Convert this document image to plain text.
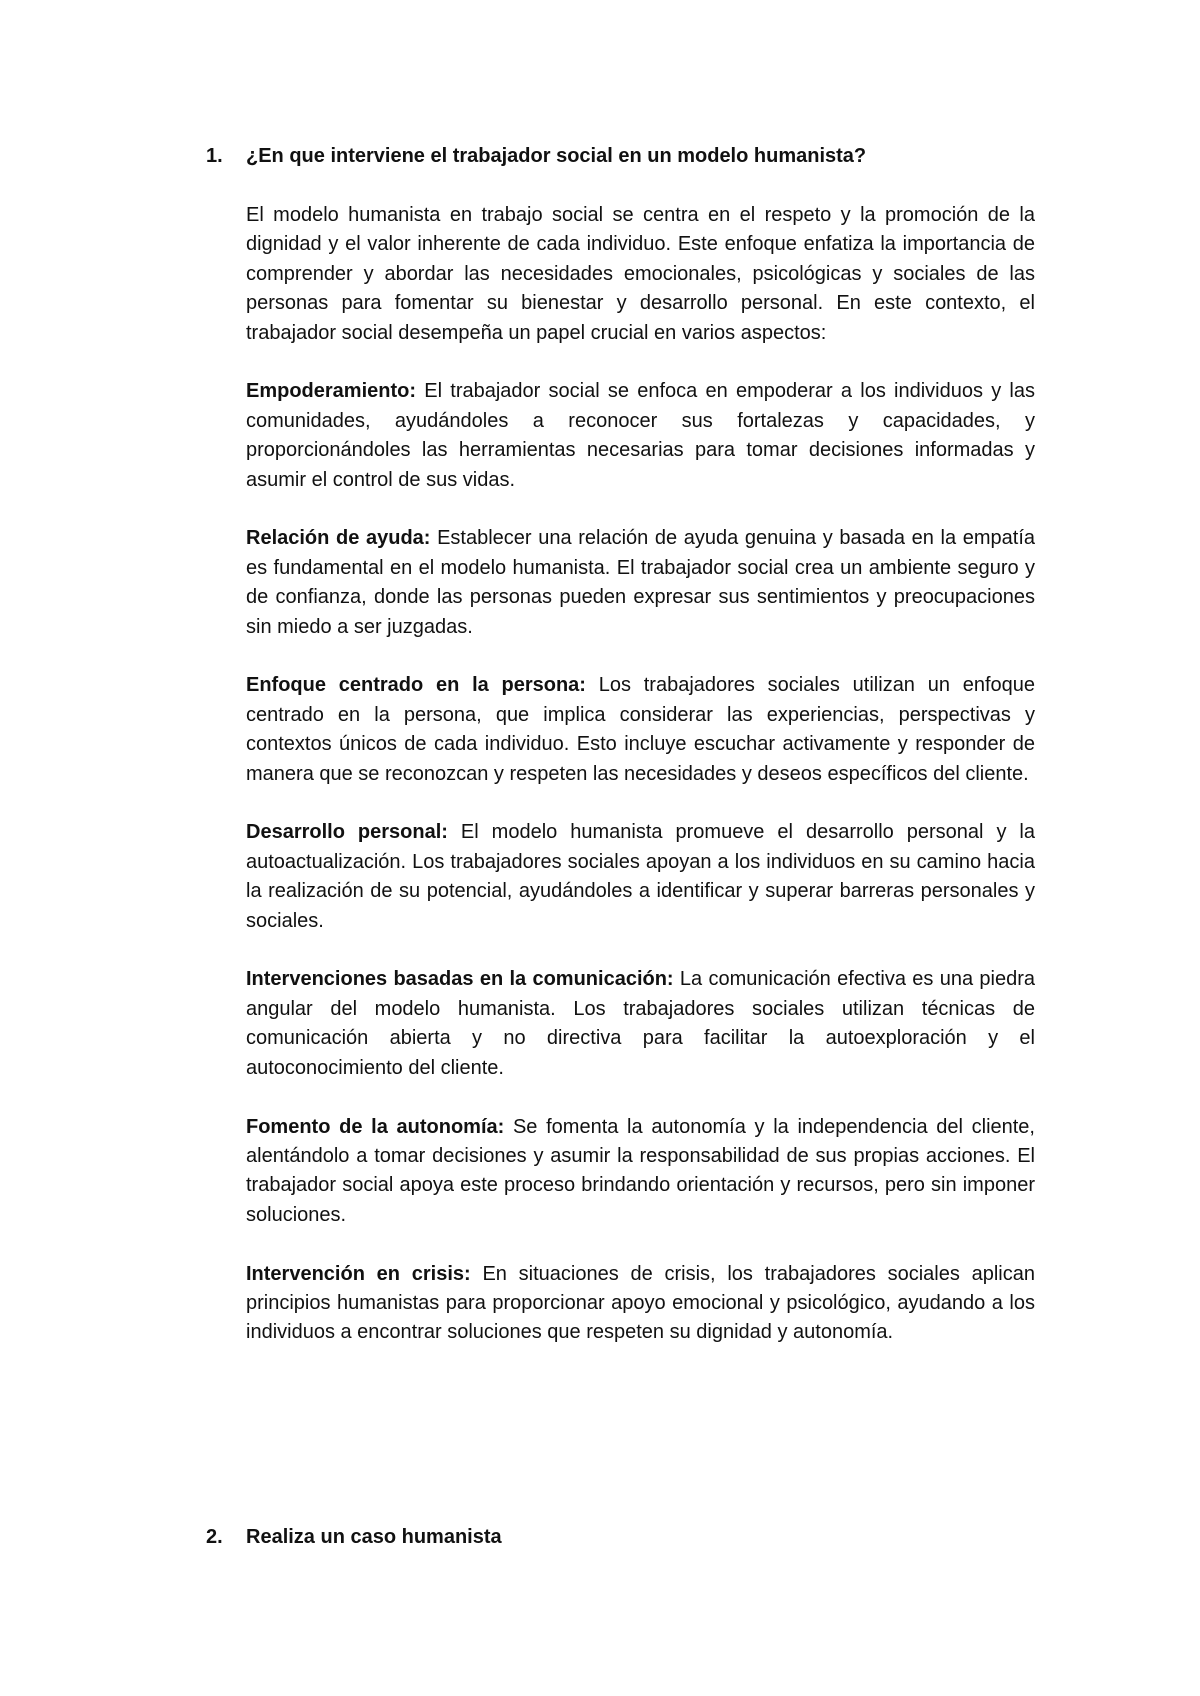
1. ¿En que interviene el trabajador social en un modelo humanista?

El modelo humanista en trabajo social se centra en el respeto y la promoción de la dignidad y el valor inherente de cada individuo. Este enfoque enfatiza la importancia de comprender y abordar las necesidades emocionales, psicológicas y sociales de las personas para fomentar su bienestar y desarrollo personal. En este contexto, el trabajador social desempeña un papel crucial en varios aspectos:

Empoderamiento: El trabajador social se enfoca en empoderar a los individuos y las comunidades, ayudándoles a reconocer sus fortalezas y capacidades, y proporcionándoles las herramientas necesarias para tomar decisiones informadas y asumir el control de sus vidas.

Relación de ayuda: Establecer una relación de ayuda genuina y basada en la empatía es fundamental en el modelo humanista. El trabajador social crea un ambiente seguro y de confianza, donde las personas pueden expresar sus sentimientos y preocupaciones sin miedo a ser juzgadas.

Enfoque centrado en la persona: Los trabajadores sociales utilizan un enfoque centrado en la persona, que implica considerar las experiencias, perspectivas y contextos únicos de cada individuo. Esto incluye escuchar activamente y responder de manera que se reconozcan y respeten las necesidades y deseos específicos del cliente.

Desarrollo personal: El modelo humanista promueve el desarrollo personal y la autoactualización. Los trabajadores sociales apoyan a los individuos en su camino hacia la realización de su potencial, ayudándoles a identificar y superar barreras personales y sociales.

Intervenciones basadas en la comunicación: La comunicación efectiva es una piedra angular del modelo humanista. Los trabajadores sociales utilizan técnicas de comunicación abierta y no directiva para facilitar la autoexploración y el autoconocimiento del cliente.

Fomento de la autonomía: Se fomenta la autonomía y la independencia del cliente, alentándolo a tomar decisiones y asumir la responsabilidad de sus propias acciones. El trabajador social apoya este proceso brindando orientación y recursos, pero sin imponer soluciones.

Intervención en crisis: En situaciones de crisis, los trabajadores sociales aplican principios humanistas para proporcionar apoyo emocional y psicológico, ayudando a los individuos a encontrar soluciones que respeten su dignidad y autonomía.

2. Realiza un caso humanista
